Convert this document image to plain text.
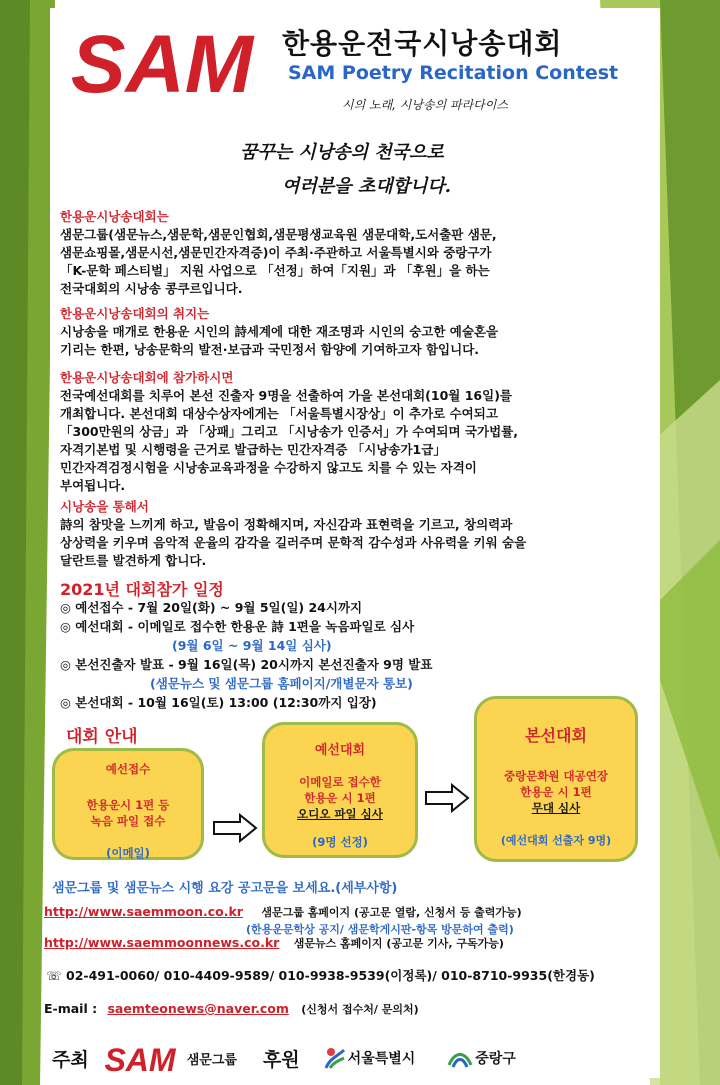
SAM 한용운전국시낭송대회
SAM Poetry Recitation Contest
시의 노래, 시낭송의 파라다이스
꿈꾸는 시낭송의 천국으로
여러분을 초대합니다.
한용운시낭송대회는

샘문그룹(샘문뉴스,샘문학,샘문인협회,샘문평생교육원 샘문대학,도서출판 샘문,

샘문쇼핑몰,샘문시선,샘문민간자격증)이 주최·주관하고 서울특별시와 중랑구가

「K-문학 페스티벌」 지원 사업으로 「선정」하여「지원」과 「후원」을 하는

전국대회의 시낭송 콩쿠르입니다.

한용운시낭송대회의 취지는

시낭송을 매개로 한용운 시인의 詩세계에 대한 재조명과 시인의 숭고한 예술혼을

기리는 한편, 낭송문학의 발전·보급과 국민정서 함양에 기여하고자 함입니다.

한용운시낭송대회에 참가하시면

전국예선대회를 치루어 본선 진출자 9명을 선출하여 가을 본선대회(10월 16일)를

개최합니다. 본선대회 대상수상자에게는 「서울특별시장상」이 추가로 수여되고

「300만원의 상금」과 「상패」그리고 「시낭송가 인증서」가 수여되며 국가법률,

자격기본법 및 시행령을 근거로 발급하는 민간자격증 「시낭송가1급」

민간자격검정시험을 시낭송교육과정을 수강하지 않고도 치를 수 있는 자격이

부여됩니다.

시낭송을 통해서

詩의 참맛을 느끼게 하고, 발음이 정확해지며, 자신감과 표현력을 기르고, 창의력과

상상력을 키우며 음악적 운율의 감각을 길러주며 문학적 감수성과 사유력을 키워 숨을

달란트를 발견하게 합니다.

2021년 대회참가 일정
◎ 예선접수 - 7월 20일(화) ~ 9월 5일(일) 24시까지
◎ 예선대회 - 이메일로 접수한 한용운 詩 1편을 녹음파일로 심사
(9월 6일 ~ 9월 14일 심사)
◎ 본선진출자 발표 - 9월 16일(목) 20시까지 본선진출자 9명 발표
(샘문뉴스 및 샘문그룹 홈페이지/개별문자 통보)
◎ 본선대회 - 10월 16일(토) 13:00 (12:30까지 입장)
대회 안내
예선접수
한용운시 1편 등
녹음 파일 접수
(이메일)
예선대회
이메일로 접수한
한용운 시 1편
오디오 파일 심사
(9명 선정)
본선대회
중랑문화원 대공연장
한용운 시 1편
무대 심사
(예선대회 선출자 9명)
샘문그룹 및 샘문뉴스 시행 요강 공고문을 보세요.(세부사항)
http://www.saemmoon.co.kr 샘문그룹 홈페이지 (공고문 열람, 신청서 등 출력가능)
(한용운문학상 공지/ 샘문학게시판-항목 방문하여 출력)
http://www.saemmoonnews.co.kr 샘문뉴스 홈페이지 (공고문 기사, 구독가능)
☏ 02-491-0060/ 010-4409-9589/ 010-9938-9539(이정록)/ 010-8710-9935(한경동)
E-mail : saemteonews@naver.com (신청서 접수처/ 문의처)
주최 SAM 샘문그룹 후원	서울특별시	중랑구
